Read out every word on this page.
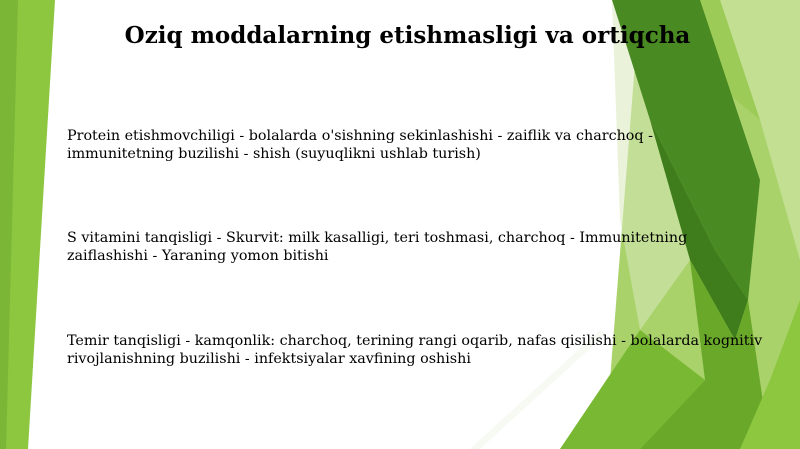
Oziq moddalarning etishmasligi va ortiqcha
Protein etishmovchiligi - bolalarda o'sishning sekinlashishi - zaiflik va charchoq -
immunitetning buzilishi - shish (suyuqlikni ushlab turish)
S vitamini tanqisligi - Skurvit: milk kasalligi, teri toshmasi, charchoq - Immunitetning
zaiflashishi - Yaraning yomon bitishi
Temir tanqisligi - kamqonlik: charchoq, terining rangi oqarib, nafas qisilishi - bolalarda kognitiv
rivojlanishning buzilishi - infektsiyalar xavfining oshishi
